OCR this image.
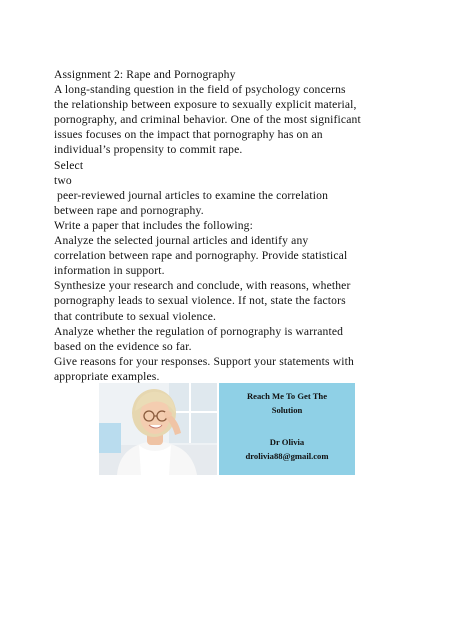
Assignment 2: Rape and Pornography
A long-standing question in the field of psychology concerns
the relationship between exposure to sexually explicit material,
pornography, and criminal behavior. One of the most significant
issues focuses on the impact that pornography has on an
individual’s propensity to commit rape.
Select
two
peer-reviewed journal articles to examine the correlation
between rape and pornography.
Write a paper that includes the following:
Analyze the selected journal articles and identify any
correlation between rape and pornography. Provide statistical
information in support.
Synthesize your research and conclude, with reasons, whether
pornography leads to sexual violence. If not, state the factors
that contribute to sexual violence.
Analyze whether the regulation of pornography is warranted
based on the evidence so far.
Give reasons for your responses. Support your statements with
appropriate examples.
Reach Me To Get The
Solution
Dr Olivia
drolivia88@gmail.com
